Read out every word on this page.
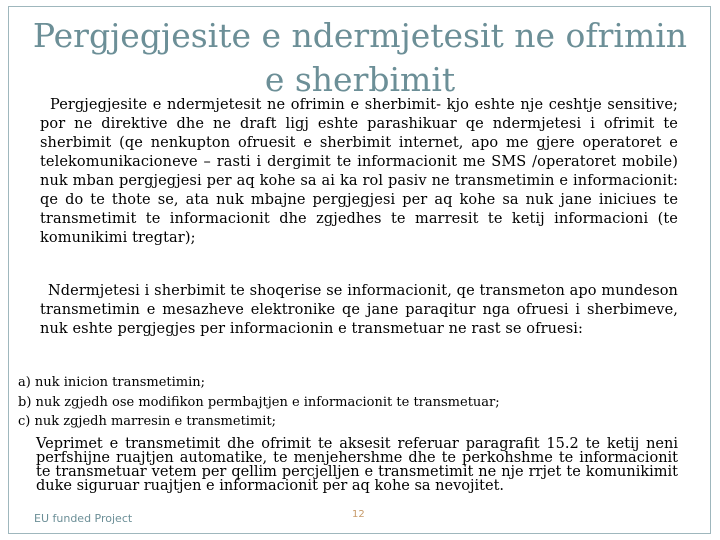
Pergjegjesite e ndermjetesit ne ofrimin
e sherbimit
Pergjegjesite e ndermjetesit ne ofrimin e sherbimit- kjo eshte nje ceshtje sensitive; por ne direktive dhe ne draft ligj eshte parashikuar qe ndermjetesi i ofrimit te sherbimit (qe nenkupton ofruesit e sherbimit internet, apo me gjere operatoret e telekomunikacioneve – rasti i dergimit te informacionit me SMS /operatoret mobile) nuk mban pergjegjesi per aq kohe sa ai ka rol pasiv ne transmetimin e informacionit: qe do te thote se, ata nuk mbajne pergjegjesi per aq kohe sa nuk jane iniciues te transmetimit te informacionit dhe zgjedhes te marresit te ketij informacioni (te komunikimi tregtar);
Ndermjetesi i sherbimit te shoqerise se informacionit, qe transmeton apo mundeson transmetimin e mesazheve elektronike qe jane paraqitur nga ofruesi i sherbimeve, nuk eshte pergjegjes per informacionin e transmetuar ne rast se ofruesi:
a) nuk inicion transmetimin;
b) nuk zgjedh ose modifikon permbajtjen e informacionit te transmetuar;
c) nuk zgjedh marresin e transmetimit;
Veprimet e transmetimit dhe ofrimit te aksesit referuar paragrafit 15.2 te ketij neni perfshijne ruajtjen automatike, te menjehershme dhe te perkohshme te informacionit te transmetuar vetem per qellim percjelljen e transmetimit ne nje rrjet te komunikimit duke siguruar ruajtjen e informacionit per aq kohe sa nevojitet.
EU funded Project	12
